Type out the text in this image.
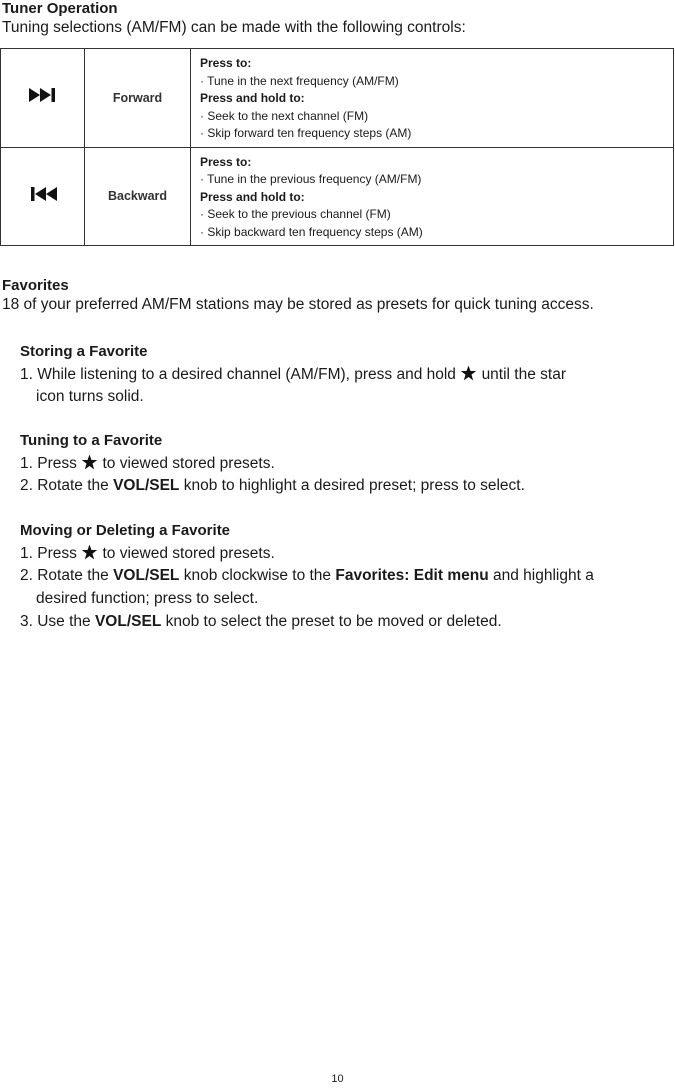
Tuner Operation
Tuning selections (AM/FM) can be made with the following controls:
	Forward	Press to:
· Tune in the next frequency (AM/FM)
Press and hold to:
· Seek to the next channel (FM)
· Skip forward ten frequency steps (AM)

	Backward	Press to:
· Tune in the previous frequency (AM/FM)
Press and hold to:
· Seek to the previous channel (FM)
· Skip backward ten frequency steps (AM)
Favorites
18 of your preferred AM/FM stations may be stored as presets for quick tuning access.
Storing a Favorite
1. While listening to a desired channel (AM/FM), press and hold until the star
icon turns solid.
Tuning to a Favorite
1. Press to viewed stored presets.
2. Rotate the VOL/SEL knob to highlight a desired preset; press to select.
Moving or Deleting a Favorite
1. Press to viewed stored presets.
2. Rotate the VOL/SEL knob clockwise to the Favorites: Edit menu and highlight a
desired function; press to select.
3. Use the VOL/SEL knob to select the preset to be moved or deleted.
10
